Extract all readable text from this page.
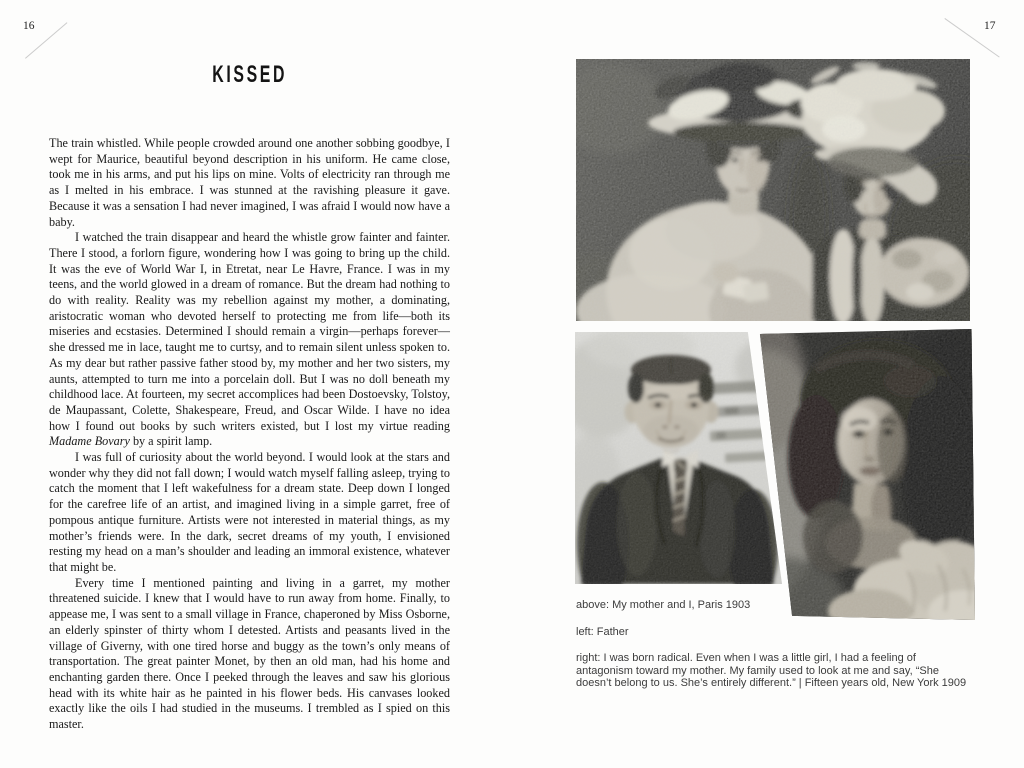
16
KISSED

The train whistled. While people crowded around one another sobbing goodbye, I wept for Maurice, beautiful beyond description in his uniform. He came close, took me in his arms, and put his lips on mine. Volts of electricity ran through me as I melted in his embrace. I was stunned at the ravishing pleasure it gave. Because it was a sensation I had never imagined, I was afraid I would now have a baby.

I watched the train disappear and heard the whistle grow fainter and fainter. There I stood, a forlorn figure, wondering how I was going to bring up the child. It was the eve of World War I, in Etretat, near Le Havre, France. I was in my teens, and the world glowed in a dream of romance. But the dream had nothing to do with reality. Reality was my rebellion against my mother, a dominating, aristocratic woman who devoted herself to protecting me from life—both its miseries and ecstasies. Determined I should remain a virgin—perhaps forever—she dressed me in lace, taught me to curtsy, and to remain silent unless spoken to. As my dear but rather passive father stood by, my mother and her two sisters, my aunts, attempted to turn me into a porcelain doll. But I was no doll beneath my childhood lace. At fourteen, my secret accomplices had been Dostoevsky, Tolstoy, de Maupassant, Colette, Shakespeare, Freud, and Oscar Wilde. I have no idea how I found out books by such writers existed, but I lost my virtue reading Madame Bovary by a spirit lamp.

I was full of curiosity about the world beyond. I would look at the stars and wonder why they did not fall down; I would watch myself falling asleep, trying to catch the moment that I left wakefulness for a dream state. Deep down I longed for the carefree life of an artist, and imagined living in a simple garret, free of pompous antique furniture. Artists were not interested in material things, as my mother’s friends were. In the dark, secret dreams of my youth, I envisioned resting my head on a man’s shoulder and leading an immoral existence, whatever that might be.

Every time I mentioned painting and living in a garret, my mother threatened suicide. I knew that I would have to run away from home. Finally, to appease me, I was sent to a small village in France, chaperoned by Miss Osborne, an elderly spinster of thirty whom I detested. Artists and peasants lived in the village of Giverny, with one tired horse and buggy as the town’s only means of transportation. The great painter Monet, by then an old man, had his home and enchanting garden there. Once I peeked through the leaves and saw his glorious head with its white hair as he painted in his flower beds. His canvases looked exactly like the oils I had studied in the museums. I trembled as I spied on this master.

17

above: My mother and I, Paris 1903

left: Father

right: I was born radical. Even when I was a little girl, I had a feeling of antagonism toward my mother. My family used to look at me and say, “She doesn’t belong to us. She’s entirely different.” | Fifteen years old, New York 1909
